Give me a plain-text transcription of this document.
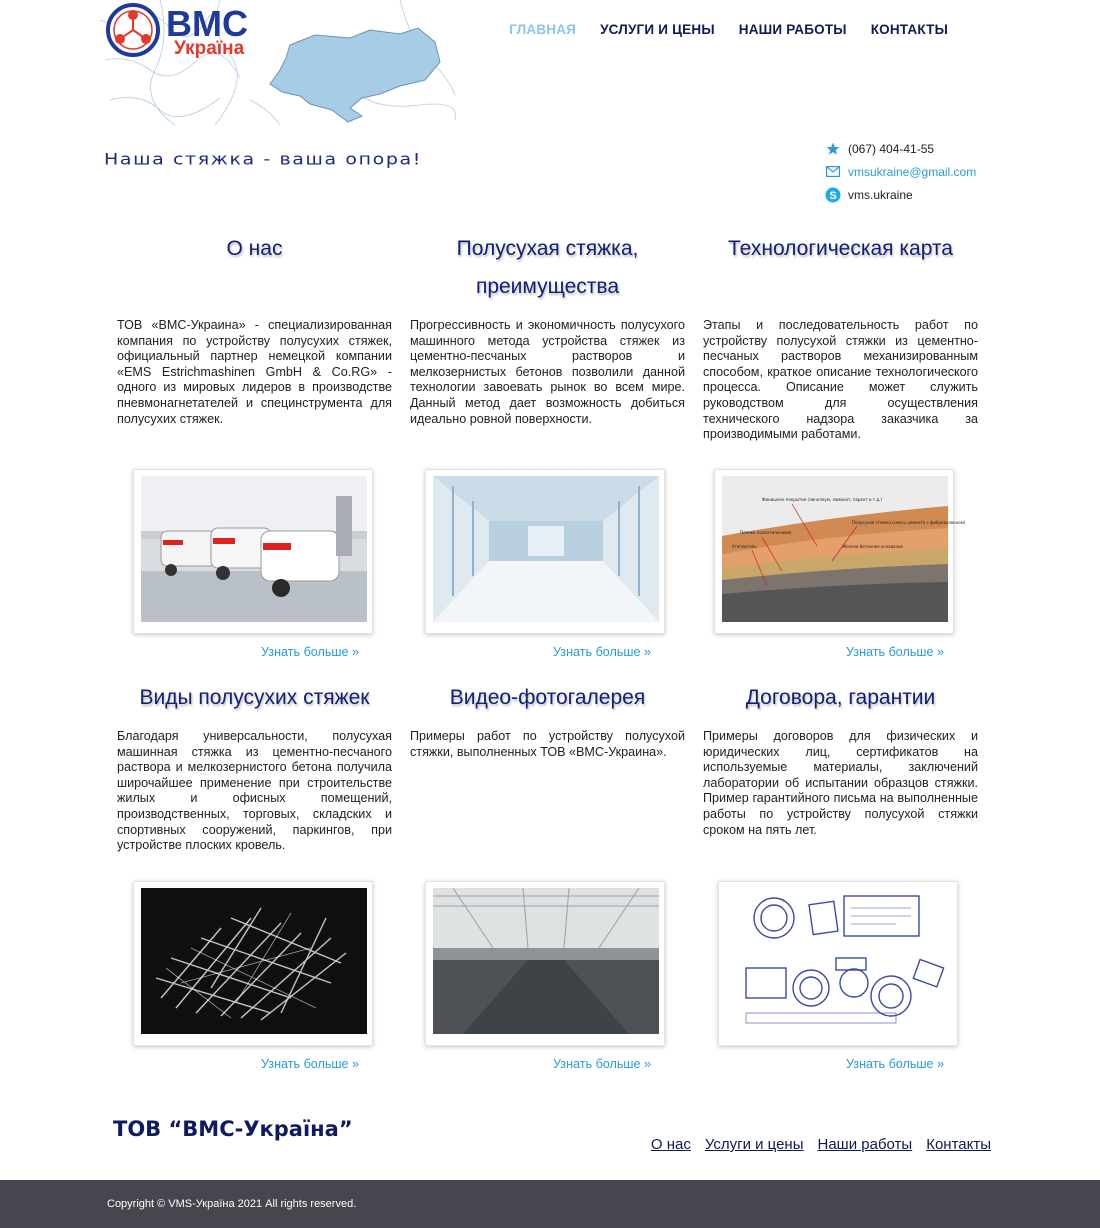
ВМС
Україна
ГЛАВНАЯ УСЛУГИ И ЦЕНЫ НАШИ РАБОТЫ КОНТАКТЫ
Наша стяжка - ваша опора!
(067) 404-41-55
vmsukraine@gmail.com
S vms.ukraine
О нас

ТОВ «ВМС-Украина» - специализированная компания по устройству полусухих стяжек, официальный партнер немецкой компании «EMS Estrichmashinen GmbH & Co.RG» - одного из мировых лидеров в производстве пневмонагнетателей и специнструмента для полусухих стяжек.

Полусухая стяжка, преимущества

Прогрессивность и экономичность полусухого машинного метода устройства стяжек из цементно-песчаных растворов и мелкозернистых бетонов позволили данной технологии завоевать рынок во всем мире. Данный метод дает возможность добиться идеально ровной поверхности.

Технологическая карта

Этапы и последовательность работ по устройству полусухой стяжки из цементно-песчаных растворов механизированным способом, краткое описание технологического процесса. Описание может служить руководством для осуществления технического надзора заказчика за производимыми работами.

Финишное покрытие (линолеум, ламинат, паркет и т.д.)
Полусухая стяжка (смесь цемента с фиброволокном)
Пленка полиэтиленовая
Утеплитель	Железо-бетонное основание
Узнать больше »	Узнать больше »	Узнать больше »
Виды полусухих стяжек

Благодаря универсальности, полусухая машинная стяжка из цементно-песчаного раствора и мелкозернистого бетона получила широчайшее применение при строительстве жилых и офисных помещений, производственных, торговых, складских и спортивных сооружений, паркингов, при устройстве плоских кровель.

Видео-фотогалерея

Примеры работ по устройству полусухой стяжки, выполненных ТОВ «ВМС-Украина».

Договора, гарантии

Примеры договоров для физических и юридических лиц, сертификатов на используемые материалы, заключений лаборатории об испытании образцов стяжки. Пример гарантийного письма на выполненные работы по устройству полусухой стяжки сроком на пять лет.

Узнать больше »	Узнать больше »	Узнать больше »
ТОВ “ВМС-Україна”
О нас Услуги и цены Наши работы Контакты
Copyright © VMS-Україна 2021 All rights reserved.
